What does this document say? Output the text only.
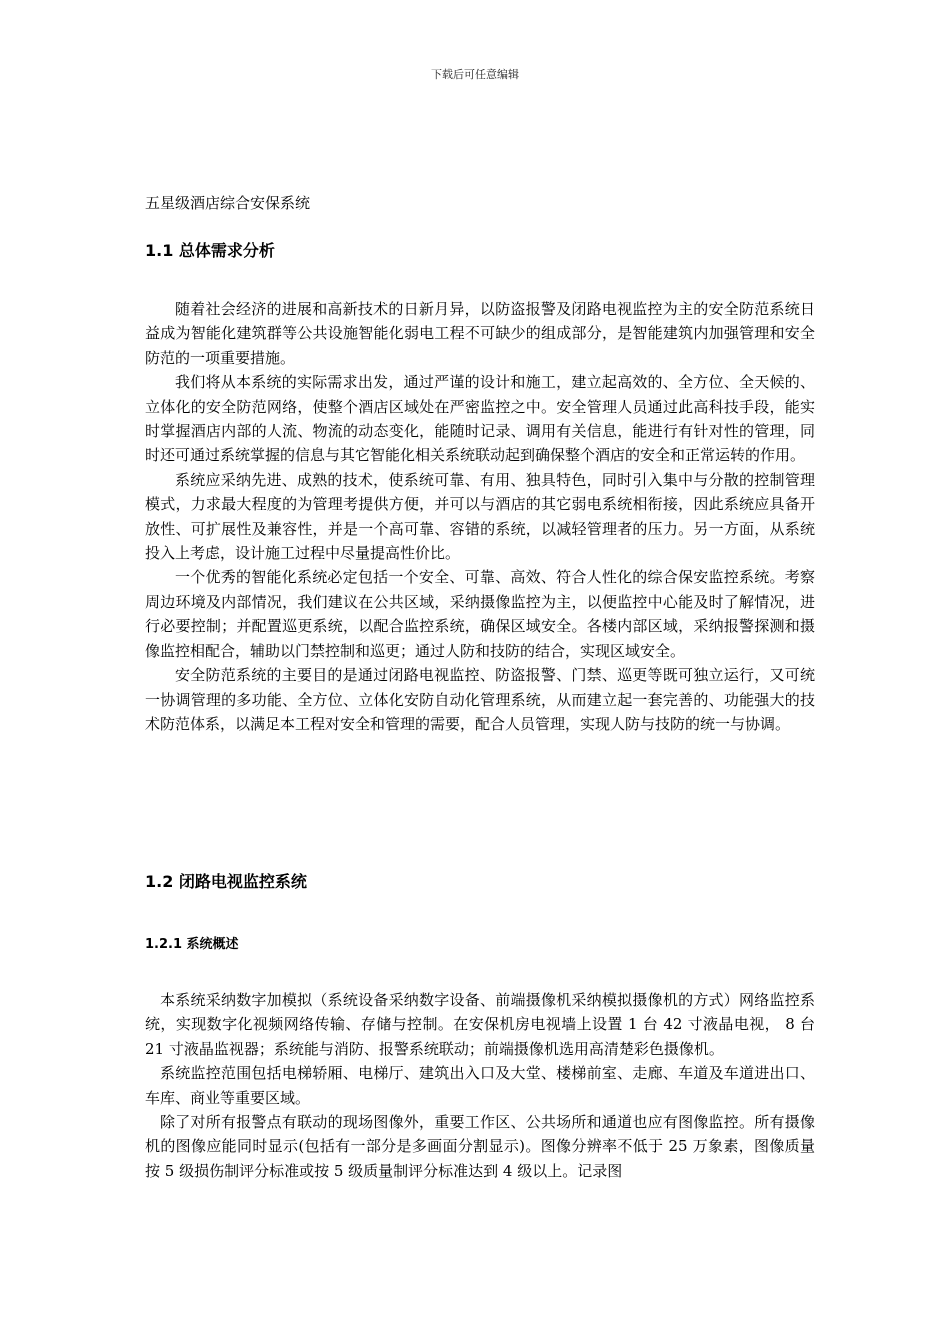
下载后可任意编辑
五星级酒店综合安保系统
1.1 总体需求分析

随着社会经济的进展和高新技术的日新月异，以防盗报警及闭路电视监控为主的安全防范系统日益成为智能化建筑群等公共设施智能化弱电工程不可缺少的组成部分，是智能建筑内加强管理和安全防范的一项重要措施。

我们将从本系统的实际需求出发，通过严谨的设计和施工，建立起高效的、全方位、全天候的、立体化的安全防范网络，使整个酒店区域处在严密监控之中。安全管理人员通过此高科技手段，能实时掌握酒店内部的人流、物流的动态变化，能随时记录、调用有关信息，能进行有针对性的管理，同时还可通过系统掌握的信息与其它智能化相关系统联动起到确保整个酒店的安全和正常运转的作用。

系统应采纳先进、成熟的技术，使系统可靠、有用、独具特色，同时引入集中与分散的控制管理模式，力求最大程度的为管理考提供方便，并可以与酒店的其它弱电系统相衔接，因此系统应具备开放性、可扩展性及兼容性，并是一个高可靠、容错的系统，以减轻管理者的压力。另一方面，从系统投入上考虑，设计施工过程中尽量提高性价比。

一个优秀的智能化系统必定包括一个安全、可靠、高效、符合人性化的综合保安监控系统。考察周边环境及内部情况，我们建议在公共区域，采纳摄像监控为主，以便监控中心能及时了解情况，进行必要控制；并配置巡更系统，以配合监控系统，确保区域安全。各楼内部区域，采纳报警探测和摄像监控相配合，辅助以门禁控制和巡更；通过人防和技防的结合，实现区域安全。

安全防范系统的主要目的是通过闭路电视监控、防盗报警、门禁、巡更等既可独立运行，又可统一协调管理的多功能、全方位、立体化安防自动化管理系统，从而建立起一套完善的、功能强大的技术防范体系，以满足本工程对安全和管理的需要，配合人员管理，实现人防与技防的统一与协调。

1.2 闭路电视监控系统
1.2.1 系统概述

本系统采纳数字加模拟（系统设备采纳数字设备、前端摄像机采纳模拟摄像机的方式）网络监控系统，实现数字化视频网络传输、存储与控制。在安保机房电视墙上设置 1 台 42 寸液晶电视， 8 台 21 寸液晶监视器；系统能与消防、报警系统联动；前端摄像机选用高清楚彩色摄像机。

系统监控范围包括电梯轿厢、电梯厅、建筑出入口及大堂、楼梯前室、走廊、车道及车道进出口、车库、商业等重要区域。

除了对所有报警点有联动的现场图像外，重要工作区、公共场所和通道也应有图像监控。所有摄像机的图像应能同时显示(包括有一部分是多画面分割显示)。图像分辨率不低于 25 万象素，图像质量按 5 级损伤制评分标准或按 5 级质量制评分标准达到 4 级以上。记录图
